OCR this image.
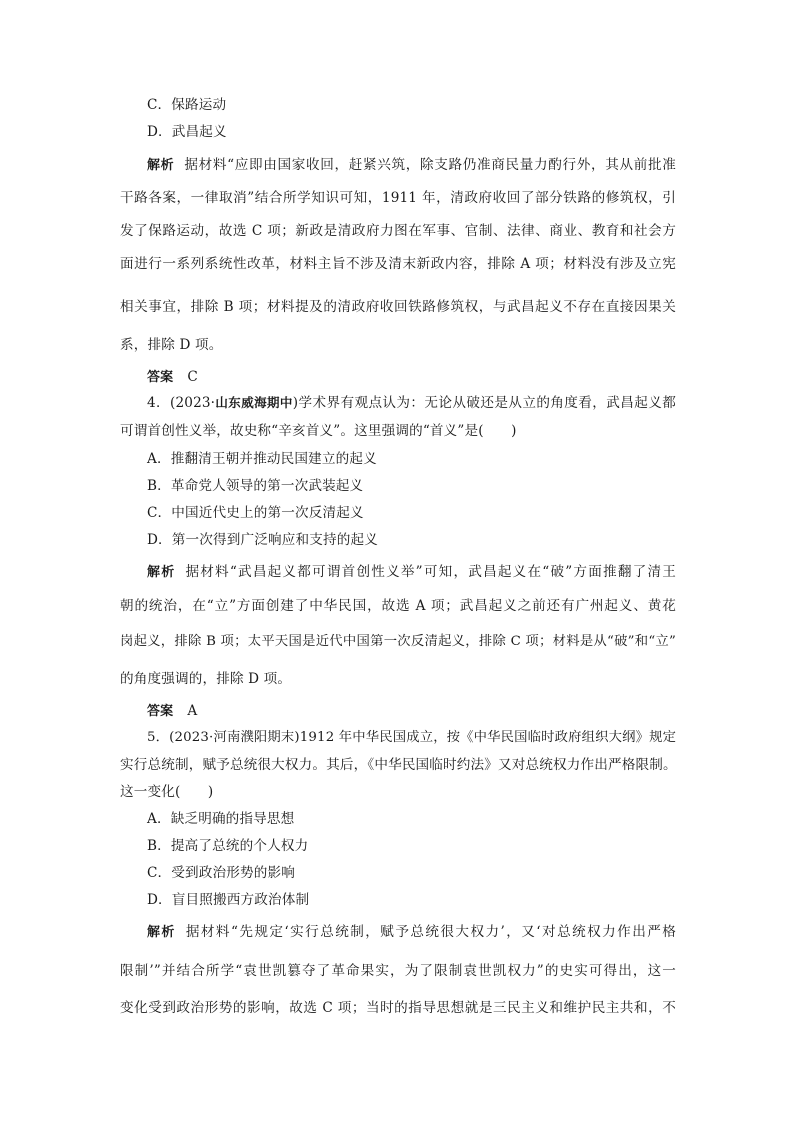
C．保路运动
D．武昌起义
解析 据材料“应即由国家收回，赶紧兴筑，除支路仍准商民量力酌行外，其从前批准
干路各案，一律取消”结合所学知识可知，1911 年，清政府收回了部分铁路的修筑权，引
发了保路运动，故选 C 项；新政是清政府力图在军事、官制、法律、商业、教育和社会方
面进行一系列系统性改革，材料主旨不涉及清末新政内容，排除 A 项；材料没有涉及立宪
相关事宜，排除 B 项；材料提及的清政府收回铁路修筑权，与武昌起义不存在直接因果关
系，排除 D 项。
答案 C
4．(2023·山东威海期中)学术界有观点认为：无论从破还是从立的角度看，武昌起义都
可谓首创性义举，故史称“辛亥首义”。这里强调的“首义”是(　　)
A．推翻清王朝并推动民国建立的起义
B．革命党人领导的第一次武装起义
C．中国近代史上的第一次反清起义
D．第一次得到广泛响应和支持的起义
解析 据材料“武昌起义都可谓首创性义举”可知，武昌起义在“破”方面推翻了清王
朝的统治，在“立”方面创建了中华民国，故选 A 项；武昌起义之前还有广州起义、黄花
岗起义，排除 B 项；太平天国是近代中国第一次反清起义，排除 C 项；材料是从“破”和“立”
的角度强调的，排除 D 项。
答案 A
5．(2023·河南濮阳期末)1912 年中华民国成立，按《中华民国临时政府组织大纲》规定
实行总统制，赋予总统很大权力。其后，《中华民国临时约法》又对总统权力作出严格限制。
这一变化(　　)
A．缺乏明确的指导思想
B．提高了总统的个人权力
C．受到政治形势的影响
D．盲目照搬西方政治体制
解析 据材料“先规定‘实行总统制，赋予总统很大权力’，又‘对总统权力作出严格
限制’”并结合所学“袁世凯篡夺了革命果实，为了限制袁世凯权力”的史实可得出，这一
变化受到政治形势的影响，故选 C 项；当时的指导思想就是三民主义和维护民主共和，不
